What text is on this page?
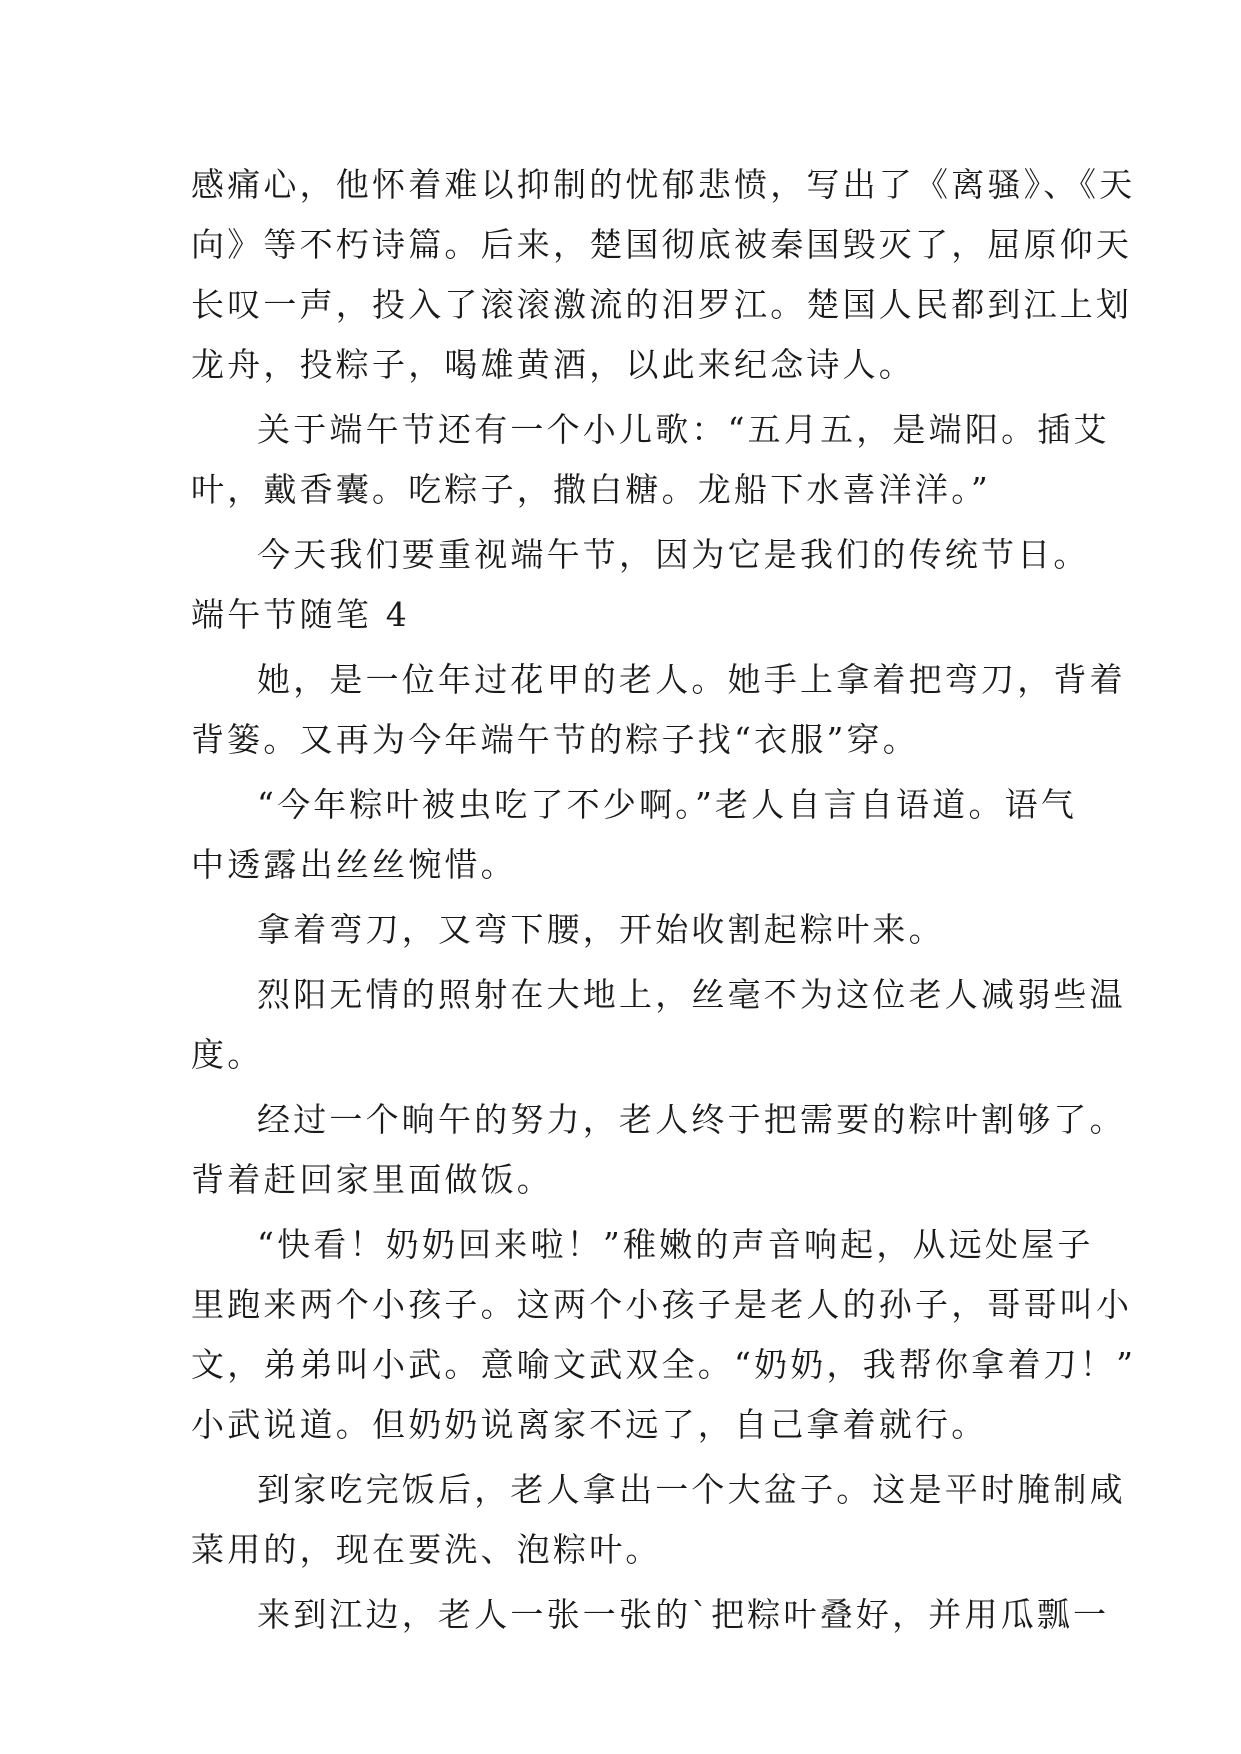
感痛心，他怀着难以抑制的忧郁悲愤，写出了《离骚》、《天
向》等不朽诗篇。后来，楚国彻底被秦国毁灭了，屈原仰天
长叹一声，投入了滚滚激流的汨罗江。楚国人民都到江上划
龙舟，投粽子，喝雄黄酒，以此来纪念诗人。
关于端午节还有一个小儿歌：“五月五，是端阳。插艾
叶，戴香囊。吃粽子，撒白糖。龙船下水喜洋洋。”
今天我们要重视端午节，因为它是我们的传统节日。
端午节随笔 4
她，是一位年过花甲的老人。她手上拿着把弯刀，背着
背篓。又再为今年端午节的粽子找“衣服”穿。
“今年粽叶被虫吃了不少啊。”老人自言自语道。语气
中透露出丝丝惋惜。
拿着弯刀，又弯下腰，开始收割起粽叶来。
烈阳无情的照射在大地上，丝毫不为这位老人减弱些温
度。
经过一个晌午的努力，老人终于把需要的粽叶割够了。
背着赶回家里面做饭。
“快看！奶奶回来啦！”稚嫩的声音响起，从远处屋子
里跑来两个小孩子。这两个小孩子是老人的孙子，哥哥叫小
文，弟弟叫小武。意喻文武双全。“奶奶，我帮你拿着刀！”
小武说道。但奶奶说离家不远了，自己拿着就行。
到家吃完饭后，老人拿出一个大盆子。这是平时腌制咸
菜用的，现在要洗、泡粽叶。
来到江边，老人一张一张的`把粽叶叠好，并用瓜瓢一
